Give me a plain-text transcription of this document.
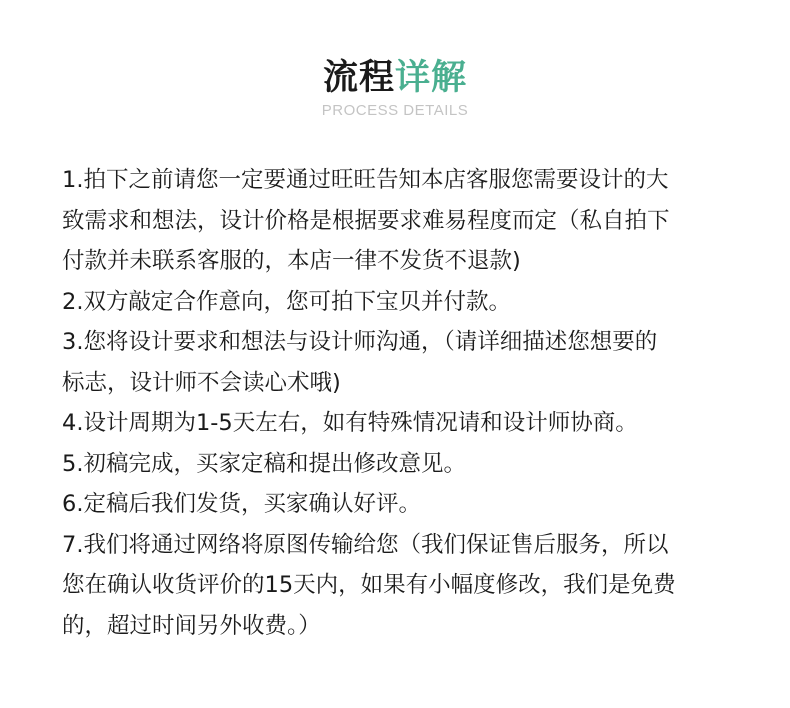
流程详解
PROCESS DETAILS
1.拍下之前请您一定要通过旺旺告知本店客服您需要设计的大
致需求和想法，设计价格是根据要求难易程度而定（私自拍下
付款并未联系客服的，本店一律不发货不退款)
2.双方敲定合作意向，您可拍下宝贝并付款。
3.您将设计要求和想法与设计师沟通，（请详细描述您想要的
标志，设计师不会读心术哦)
4.设计周期为1-5天左右，如有特殊情况请和设计师协商。
5.初稿完成，买家定稿和提出修改意见。
6.定稿后我们发货，买家确认好评。
7.我们将通过网络将原图传输给您（我们保证售后服务，所以
您在确认收货评价的15天内，如果有小幅度修改，我们是免费
的，超过时间另外收费。）
